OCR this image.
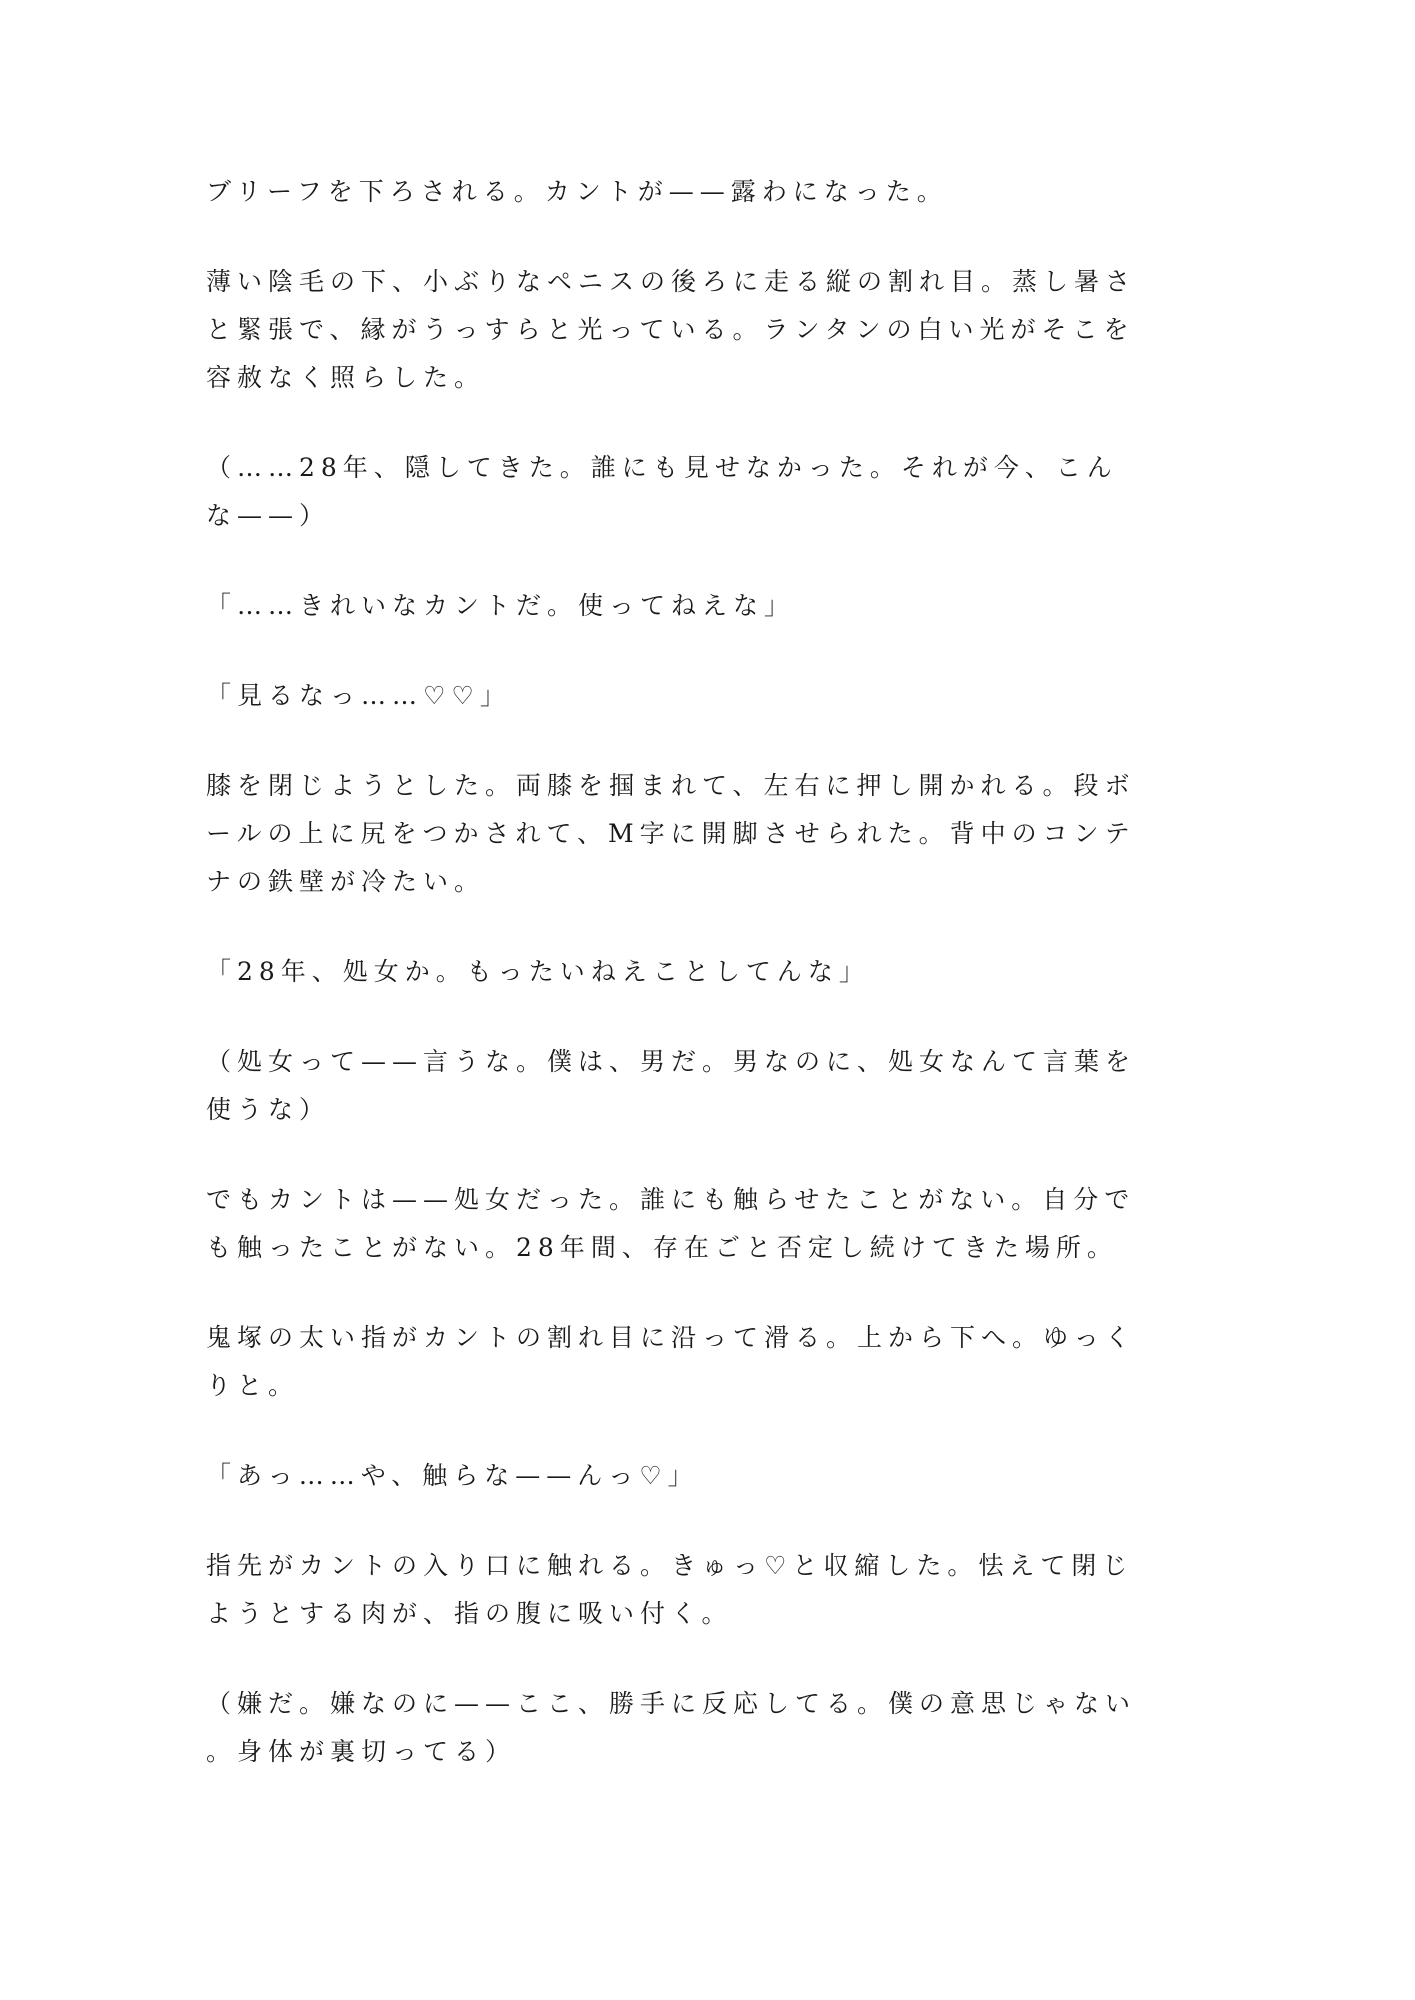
ブリーフを下ろされる。カントが——露わになった。
薄い陰毛の下、小ぶりなペニスの後ろに走る縦の割れ目。蒸し暑さ
と緊張で、縁がうっすらと光っている。ランタンの白い光がそこを
容赦なく照らした。
（……28年、隠してきた。誰にも見せなかった。それが今、こん
な——）
「……きれいなカントだ。使ってねえな」
「見るなっ……♡♡」
膝を閉じようとした。両膝を掴まれて、左右に押し開かれる。段ボ
ールの上に尻をつかされて、M字に開脚させられた。背中のコンテ
ナの鉄壁が冷たい。
「28年、処女か。もったいねえことしてんな」
（処女って——言うな。僕は、男だ。男なのに、処女なんて言葉を
使うな）
でもカントは——処女だった。誰にも触らせたことがない。自分で
も触ったことがない。28年間、存在ごと否定し続けてきた場所。
鬼塚の太い指がカントの割れ目に沿って滑る。上から下へ。ゆっく
りと。
「あっ……や、触らな——んっ♡」
指先がカントの入り口に触れる。きゅっ♡と収縮した。怯えて閉じ
ようとする肉が、指の腹に吸い付く。
（嫌だ。嫌なのに——ここ、勝手に反応してる。僕の意思じゃない
。身体が裏切ってる）
